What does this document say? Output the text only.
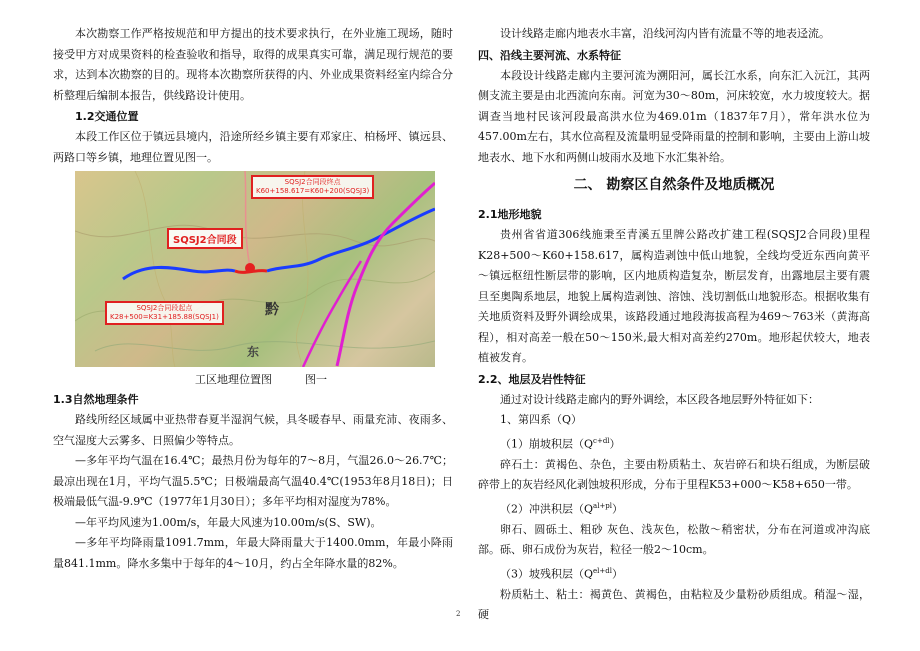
本次勘察工作严格按规范和甲方提出的技术要求执行，在外业施工现场，随时接受甲方对成果资料的检查验收和指导，取得的成果真实可靠，满足现行规范的要求，达到本次勘察的目的。现将本次勘察所获得的内、外业成果资料经室内综合分析整理后编制本报告，供线路设计使用。

1.2交通位置

本段工作区位于镇远县境内，沿途所经乡镇主要有邓家庄、柏杨坪、镇远县、两路口等乡镇，地理位置见图一。

SQSJ2合同段终点
K60+158.617=K60+200(SQSJ3)
SQSJ2合同段
SQSJ2合同段起点
K28+500=K31+185.88(SQSJ1)	黔
东

工区地理位置图	图一

1.3自然地理条件

路线所经区域属中亚热带春夏半湿润气候，具冬暖春早、雨量充沛、夜雨多、空气湿度大云雾多、日照偏少等特点。

—多年平均气温在16.4℃；最热月份为每年的7～8月，气温26.0～26.7℃；最凉出现在1月，平均气温5.5℃；日极端最高气温40.4℃(1953年8月18日)；日极端最低气温-9.9℃（1977年1月30日）；多年平均相对湿度为78%。

—年平均风速为1.00m/s，年最大风速为10.00m/s(S、SW)。

—多年平均降雨量1091.7mm，年最大降雨量大于1400.0mm，年最小降雨量841.1mm。降水多集中于每年的4～10月，约占全年降水量的82%。

设计线路走廊内地表水丰富，沿线河沟内皆有流量不等的地表迳流。

四、沿线主要河流、水系特征

本段设计线路走廊内主要河流为溯阳河，属长江水系，向东汇入沅江，其两侧支流主要是由北西流向东南。河宽为30～80m，河床较宽，水力坡度较大。据调查当地村民该河段最高洪水位为469.01m（1837年7月），常年洪水位为457.00m左右，其水位高程及流量明显受降雨量的控制和影响，主要由上游山坡地表水、地下水和两侧山坡雨水及地下水汇集补给。

二、 勘察区自然条件及地质概况

2.1地形地貌

贵州省省道306线施秉至青溪五里牌公路改扩建工程(SQSJ2合同段)里程K28+500～K60+158.617，属构造剥蚀中低山地貌，全线均受近东西向黄平～镇远枢纽性断层带的影响，区内地质构造复杂，断层发育，出露地层主要有震旦至奥陶系地层，地貌上属构造剥蚀、溶蚀、浅切割低山地貌形态。根据收集有关地质资料及野外调绘成果，该路段通过地段海拔高程为469～763米（黄海高程），相对高差一般在50～150米,最大相对高差约270m。地形起伏较大，地表植被发育。

2.2、地层及岩性特征

通过对设计线路走廊内的野外调绘，本区段各地层野外特征如下：

1、第四系（Q）

（1）崩坡积层$(Q^{c+dl})$

碎石土：黄褐色、杂色，主要由粉质粘土、灰岩碎石和块石组成，为断层破碎带上的灰岩经风化剥蚀坡积形成，分布于里程K53+000～K58+650一带。

（2）冲洪积层$(Q^{al+pl})$

卵石、圆砾土、粗砂 灰色、浅灰色，松散～稍密状，分布在河道或冲沟底部。砾、卵石成份为灰岩，粒径一般2～10cm。

（3）坡残积层$(Q^{el+dl})$

粉质粘土、粘土：褐黄色、黄褐色，由粘粒及少量粉砂质组成。稍湿～湿，硬

2
